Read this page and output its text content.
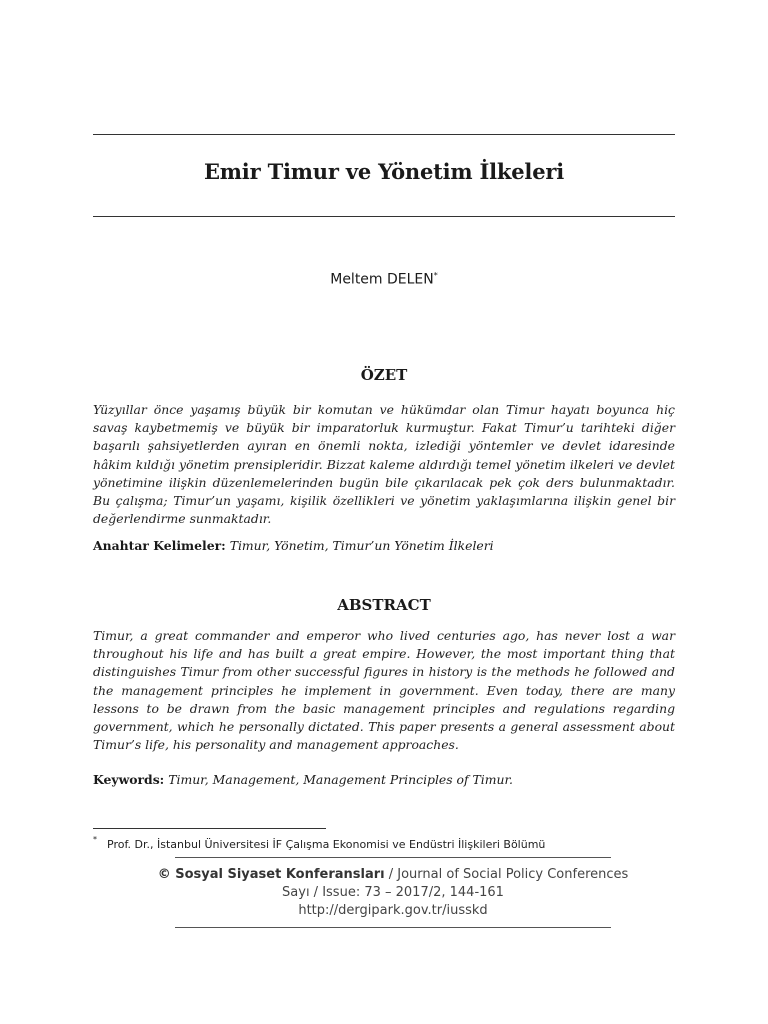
Emir Timur ve Yönetim İlkeleri
Meltem DELEN*
ÖZET
Yüzyıllar önce yaşamış büyük bir komutan ve hükümdar olan Timur hayatı boyunca hiç savaş kaybetmemiş ve büyük bir imparatorluk kurmuştur. Fakat Timur’u tarihteki diğer başarılı şahsiyetlerden ayıran en önemli nokta, izlediği yöntemler ve devlet idaresinde hâkim kıldığı yönetim prensipleridir. Bizzat kaleme aldırdığı temel yönetim ilkeleri ve devlet yönetimine ilişkin düzenlemelerinden bugün bile çıkarılacak pek çok ders bulunmaktadır. Bu çalışma; Timur’un yaşamı, kişilik özellikleri ve yönetim yaklaşımlarına ilişkin genel bir değerlendirme sunmaktadır.
Anahtar Kelimeler: Timur, Yönetim, Timur’un Yönetim İlkeleri
ABSTRACT
Timur, a great commander and emperor who lived centuries ago, has never lost a war throughout his life and has built a great empire. However, the most important thing that distinguishes Timur from other successful figures in history is the methods he followed and the management principles he implement in government. Even today, there are many lessons to be drawn from the basic management principles and regulations regarding government, which he personally dictated. This paper presents a general assessment about Timur’s life, his personality and management approaches.
Keywords: Timur, Management, Management Principles of Timur.
* Prof. Dr., İstanbul Üniversitesi İF Çalışma Ekonomisi ve Endüstri İlişkileri Bölümü
© Sosyal Siyaset Konferansları / Journal of Social Policy Conferences
Sayı / Issue: 73 – 2017/2, 144-161
http://dergipark.gov.tr/iusskd
